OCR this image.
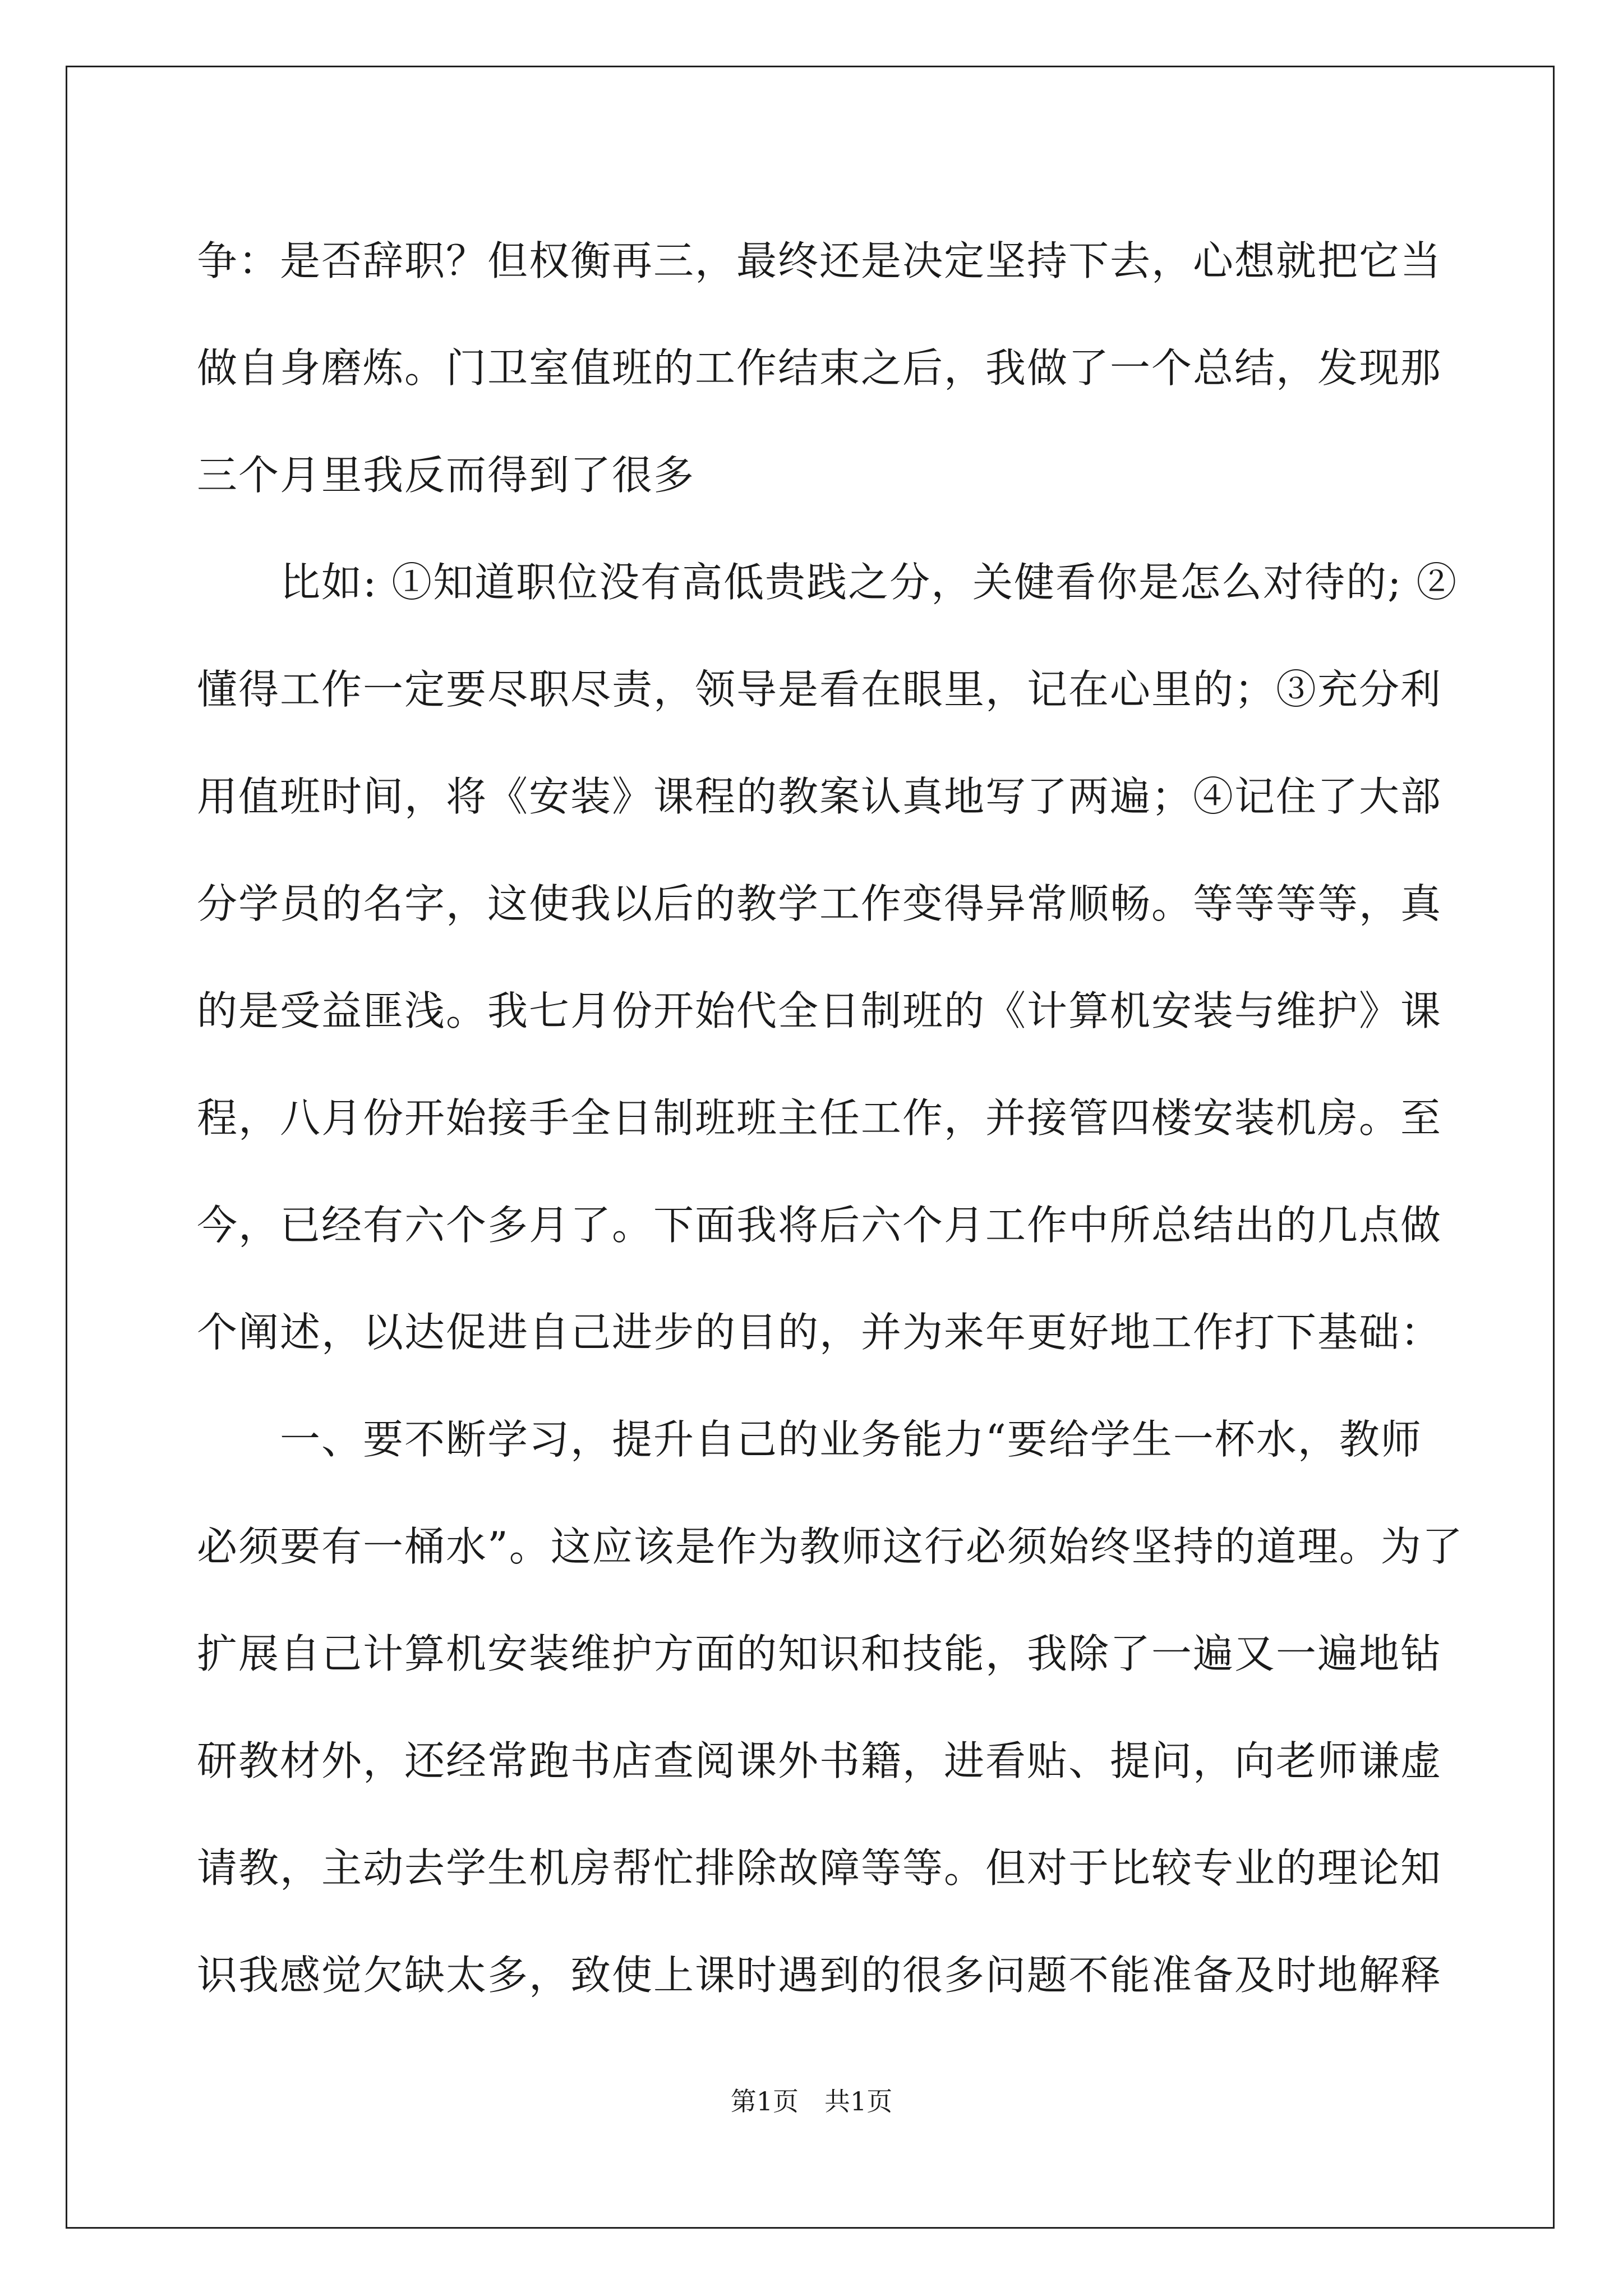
争：是否辞职？但权衡再三，最终还是决定坚持下去，心想就把它当
做自身磨炼。门卫室值班的工作结束之后，我做了一个总结，发现那
三个月里我反而得到了很多

　　比如: ①知道职位没有高低贵践之分，关健看你是怎么对待的; ②
懂得工作一定要尽职尽责，领导是看在眼里，记在心里的；③充分利
用值班时间，将《安装》课程的教案认真地写了两遍；④记住了大部
分学员的名字，这使我以后的教学工作变得异常顺畅。等等等等，真
的是受益匪浅。我七月份开始代全日制班的《计算机安装与维护》课
程，八月份开始接手全日制班班主任工作，并接管四楼安装机房。至
今，已经有六个多月了。下面我将后六个月工作中所总结出的几点做
个阐述，以达促进自己进步的目的，并为来年更好地工作打下基础：

　　一、要不断学习，提升自己的业务能力“要给学生一杯水，教师
必须要有一桶水”。这应该是作为教师这行必须始终坚持的道理。为了
扩展自己计算机安装维护方面的知识和技能，我除了一遍又一遍地钻
研教材外，还经常跑书店查阅课外书籍，进看贴、提问，向老师谦虚
请教，主动去学生机房帮忙排除故障等等。但对于比较专业的理论知
识我感觉欠缺太多，致使上课时遇到的很多问题不能准备及时地解释

第1页　共1页
